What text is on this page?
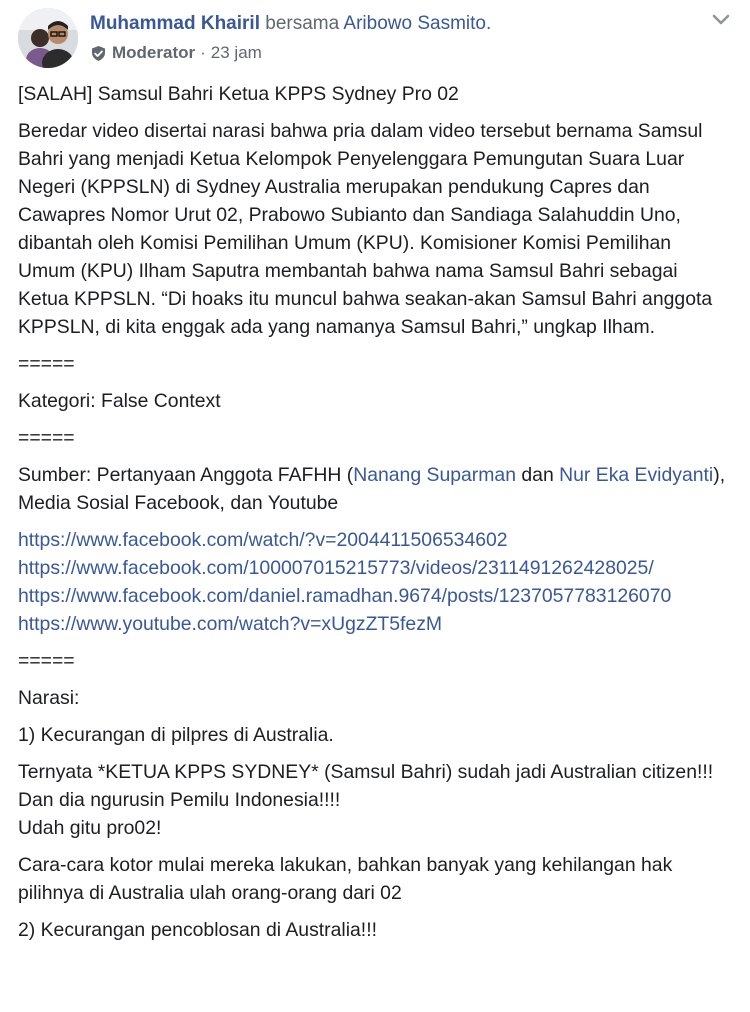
Muhammad Khairil bersama Aribowo Sasmito.
Moderator · 23 jam

[SALAH] Samsul Bahri Ketua KPPS Sydney Pro 02

Beredar video disertai narasi bahwa pria dalam video tersebut bernama Samsul Bahri yang menjadi Ketua Kelompok Penyelenggara Pemungutan Suara Luar Negeri (KPPSLN) di Sydney Australia merupakan pendukung Capres dan Cawapres Nomor Urut 02, Prabowo Subianto dan Sandiaga Salahuddin Uno, dibantah oleh Komisi Pemilihan Umum (KPU). Komisioner Komisi Pemilihan Umum (KPU) Ilham Saputra membantah bahwa nama Samsul Bahri sebagai Ketua KPPSLN. “Di hoaks itu muncul bahwa seakan-akan Samsul Bahri anggota KPPSLN, di kita enggak ada yang namanya Samsul Bahri,” ungkap Ilham.

=====

Kategori: False Context

=====

Sumber: Pertanyaan Anggota FAFHH (Nanang Suparman dan Nur Eka Evidyanti), Media Sosial Facebook, dan Youtube

https://www.facebook.com/watch/?v=2004411506534602
https://www.facebook.com/100007015215773/videos/2311491262428025/
https://www.facebook.com/daniel.ramadhan.9674/posts/1237057783126070
https://www.youtube.com/watch?v=xUgzZT5fezM

=====

Narasi:

1) Kecurangan di pilpres di Australia.

Ternyata *KETUA KPPS SYDNEY* (Samsul Bahri) sudah jadi Australian citizen!!!
Dan dia ngurusin Pemilu Indonesia!!!!
Udah gitu pro02!

Cara-cara kotor mulai mereka lakukan, bahkan banyak yang kehilangan hak pilihnya di Australia ulah orang-orang dari 02

2) Kecurangan pencoblosan di Australia!!!
